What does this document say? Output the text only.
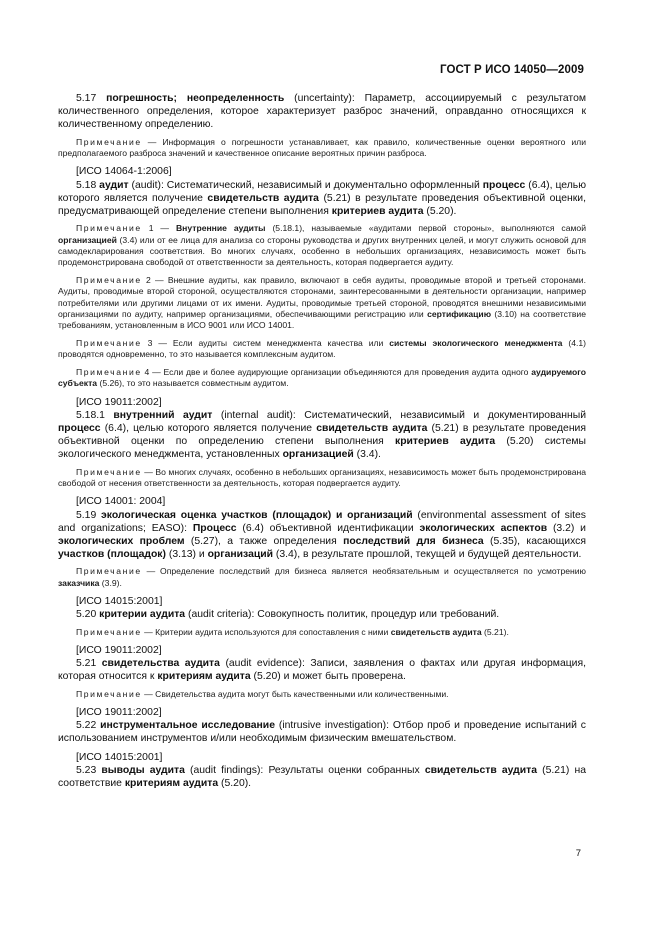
ГОСТ Р ИСО 14050—2009

5.17 погрешность; неопределенность (uncertainty): Параметр, ассоциируемый с результатом количественного определения, которое характеризует разброс значений, оправданно относящихся к количественному определению.

Примечание — Информация о погрешности устанавливает, как правило, количественные оценки вероятного или предполагаемого разброса значений и качественное описание вероятных причин разброса.

[ИСО 14064-1:2006]

5.18 аудит (audit): Систематический, независимый и документально оформленный процесс (6.4), целью которого является получение свидетельств аудита (5.21) в результате проведения объективной оценки, предусматривающей определение степени выполнения критериев аудита (5.20).

Примечание 1 — Внутренние аудиты (5.18.1), называемые «аудитами первой стороны», выполняются самой организацией (3.4) или от ее лица для анализа со стороны руководства и других внутренних целей, и могут служить основой для самодекларирования соответствия. Во многих случаях, особенно в небольших организациях, независимость может быть продемонстрирована свободой от ответственности за деятельность, которая подвергается аудиту.

Примечание 2 — Внешние аудиты, как правило, включают в себя аудиты, проводимые второй и третьей сторонами. Аудиты, проводимые второй стороной, осуществляются сторонами, заинтересованными в деятельности организации, например потребителями или другими лицами от их имени. Аудиты, проводимые третьей стороной, проводятся внешними независимыми организациями по аудиту, например организациями, обеспечивающими регистрацию или сертификацию (3.10) на соответствие требованиям, установленным в ИСО 9001 или ИСО 14001.

Примечание 3 — Если аудиты систем менеджмента качества или системы экологического менеджмента (4.1) проводятся одновременно, то это называется комплексным аудитом.

Примечание 4 — Если две и более аудирующие организации объединяются для проведения аудита одного аудируемого субъекта (5.26), то это называется совместным аудитом.

[ИСО 19011:2002]

5.18.1 внутренний аудит (internal audit): Систематический, независимый и документированный процесс (6.4), целью которого является получение свидетельств аудита (5.21) в результате проведения объективной оценки по определению степени выполнения критериев аудита (5.20) системы экологического менеджмента, установленных организацией (3.4).

Примечание — Во многих случаях, особенно в небольших организациях, независимость может быть продемонстрирована свободой от несения ответственности за деятельность, которая подвергается аудиту.

[ИСО 14001: 2004]

5.19 экологическая оценка участков (площадок) и организаций (environmental assessment of sites and organizations; EASO): Процесс (6.4) объективной идентификации экологических аспектов (3.2) и экологических проблем (5.27), а также определения последствий для бизнеса (5.35), касающихся участков (площадок) (3.13) и организаций (3.4), в результате прошлой, текущей и будущей деятельности.

Примечание — Определение последствий для бизнеса является необязательным и осуществляется по усмотрению заказчика (3.9).

[ИСО 14015:2001]

5.20 критерии аудита (audit criteria): Совокупность политик, процедур или требований.

Примечание — Критерии аудита используются для сопоставления с ними свидетельств аудита (5.21).

[ИСО 19011:2002]

5.21 свидетельства аудита (audit evidence): Записи, заявления о фактах или другая информация, которая относится к критериям аудита (5.20) и может быть проверена.

Примечание — Свидетельства аудита могут быть качественными или количественными.

[ИСО 19011:2002]

5.22 инструментальное исследование (intrusive investigation): Отбор проб и проведение испытаний с использованием инструментов и/или необходимым физическим вмешательством.

[ИСО 14015:2001]

5.23 выводы аудита (audit findings): Результаты оценки собранных свидетельств аудита (5.21) на соответствие критериям аудита (5.20).

7
